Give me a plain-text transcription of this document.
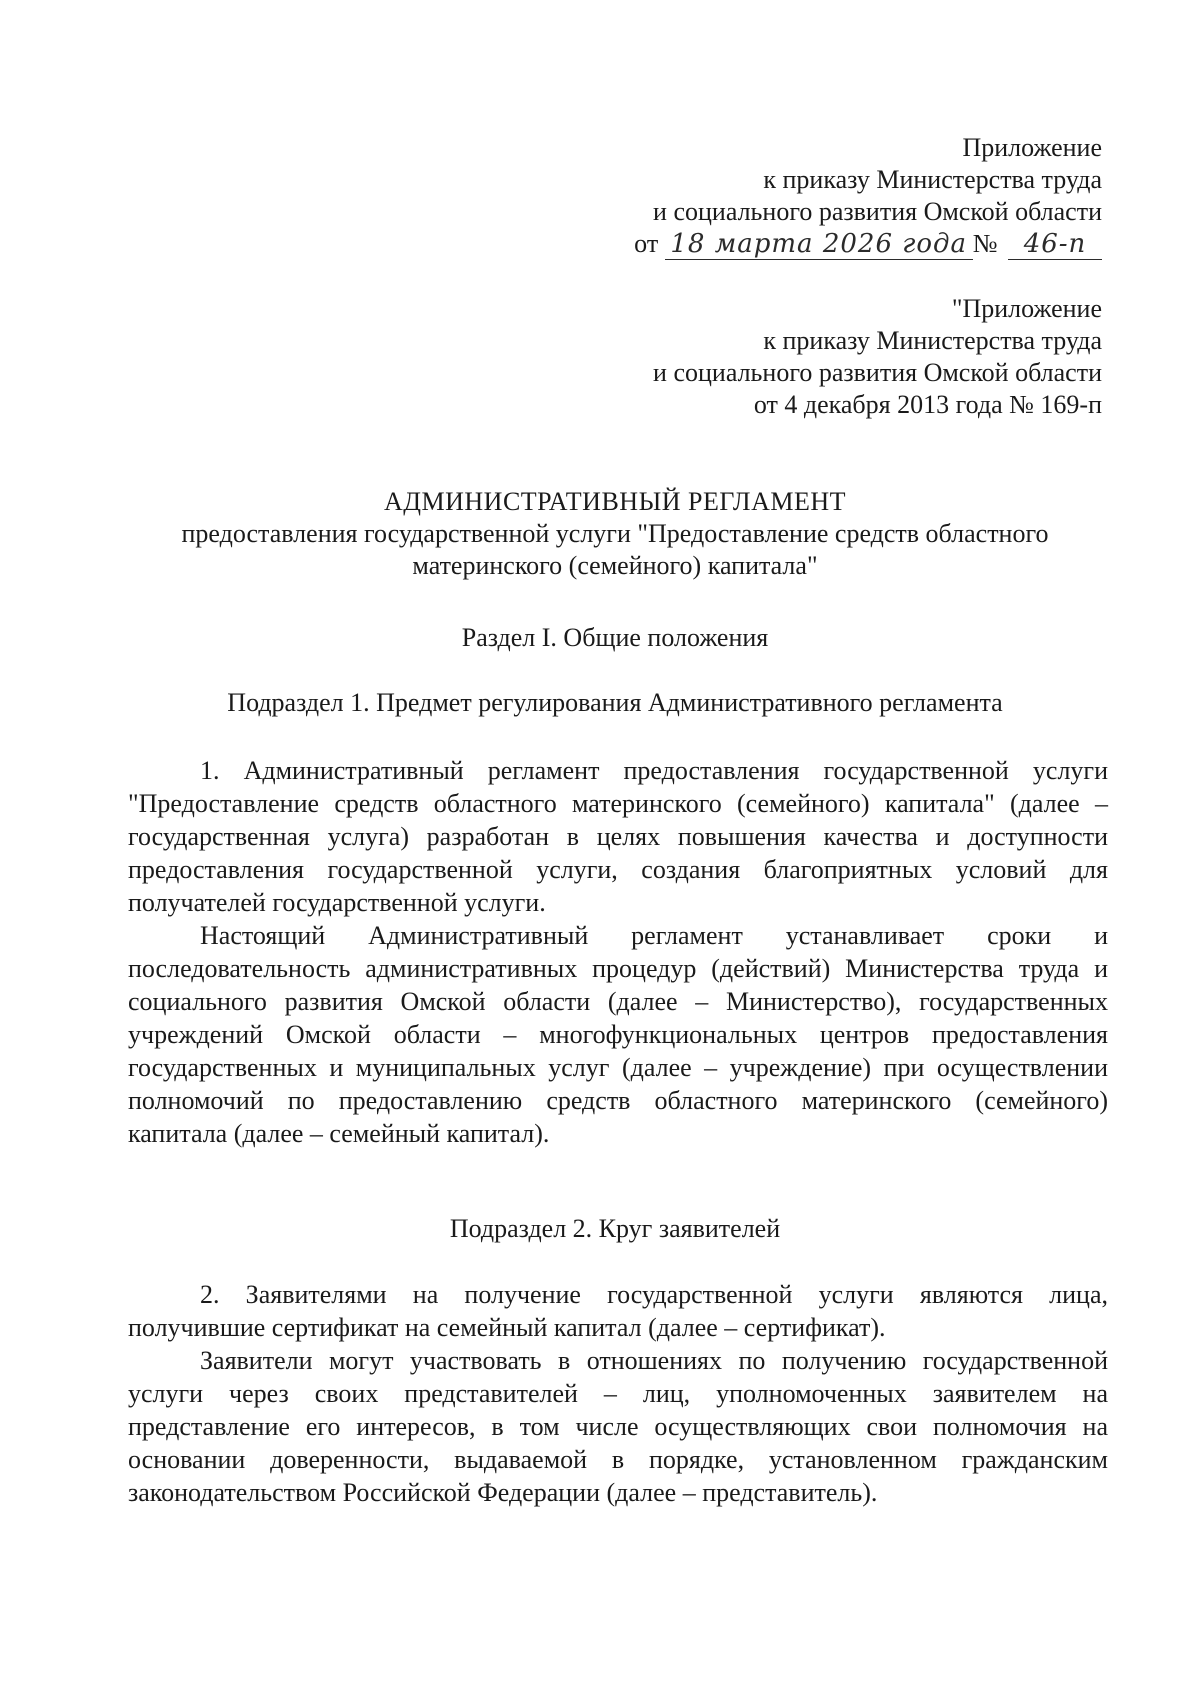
Приложение
к приказу Министерства труда
и социального развития Омской области
от 18 марта 2026 года № 46-п
"Приложение
к приказу Министерства труда
и социального развития Омской области
от 4 декабря 2013 года № 169-п
АДМИНИСТРАТИВНЫЙ РЕГЛАМЕНТ
предоставления государственной услуги "Предоставление средств областного
материнского (семейного) капитала"
Раздел I. Общие положения
Подраздел 1. Предмет регулирования Административного регламента

1. Административный регламент предоставления государственной услуги "Предоставление средств областного материнского (семейного) капитала" (далее – государственная услуга) разработан в целях повышения качества и доступности предоставления государственной услуги, создания благоприятных условий для получателей государственной услуги.

Настоящий Административный регламент устанавливает сроки и последовательность административных процедур (действий) Министерства труда и социального развития Омской области (далее – Министерство), государственных учреждений Омской области – многофункциональных центров предоставления государственных и муниципальных услуг (далее – учреждение) при осуществлении полномочий по предоставлению средств областного материнского (семейного) капитала (далее – семейный капитал).

Подраздел 2. Круг заявителей

2. Заявителями на получение государственной услуги являются лица, получившие сертификат на семейный капитал (далее – сертификат).

Заявители могут участвовать в отношениях по получению государственной услуги через своих представителей – лиц, уполномоченных заявителем на представление его интересов, в том числе осуществляющих свои полномочия на основании доверенности, выдаваемой в порядке, установленном гражданским законодательством Российской Федерации (далее – представитель).
